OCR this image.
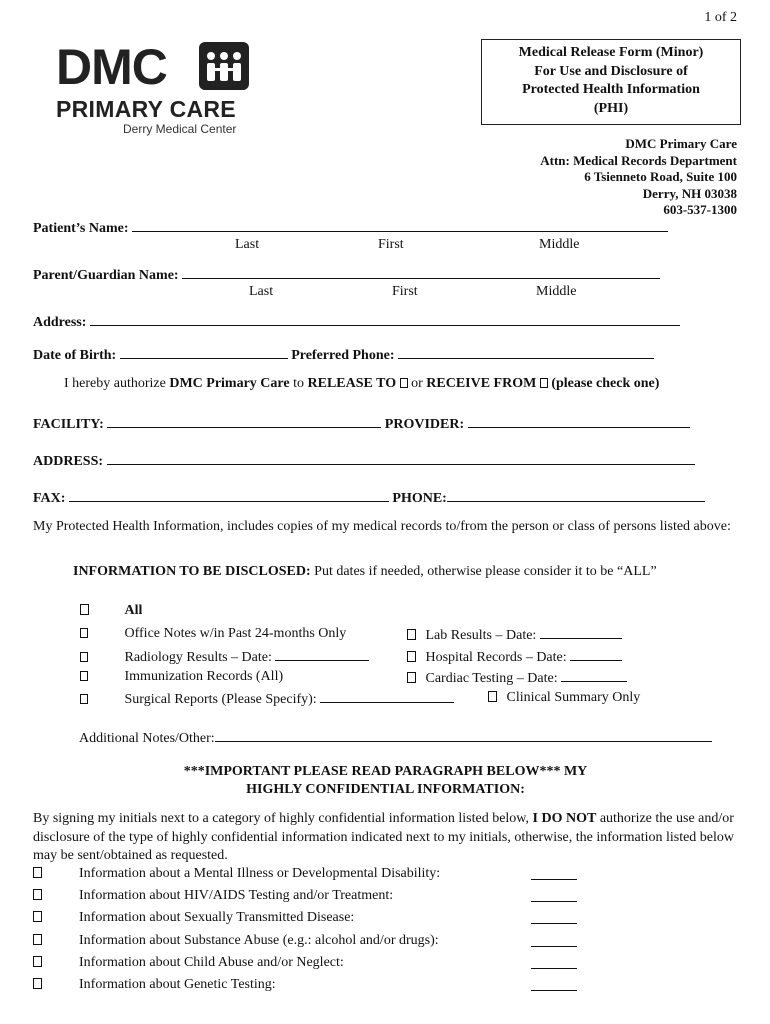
1 of 2
DMC
PRIMARY CARE
Derry Medical Center
Medical Release Form (Minor)
For Use and Disclosure of
Protected Health Information
(PHI)
DMC Primary Care
Attn: Medical Records Department
6 Tsienneto Road, Suite 100
Derry, NH 03038
603-537-1300
Patient’s Name:
Last	First	Middle
Parent/Guardian Name:
Last	First	Middle
Address:
Date of Birth:	Preferred Phone:
I hereby authorize DMC Primary Care to RELEASE TO  or RECEIVE FROM (please check one)
FACILITY:	PROVIDER:
ADDRESS:
FAX:	PHONE:
My Protected Health Information, includes copies of my medical records to/from the person or class of persons listed above:
INFORMATION TO BE DISCLOSED: Put dates if needed, otherwise please consider it to be “ALL”
All
Office Notes w/in Past 24-months Only	Lab Results – Date:
Radiology Results – Date:	Hospital Records – Date:
Immunization Records (All)	Cardiac Testing – Date:
Surgical Reports (Please Specify):	Clinical Summary Only
Additional Notes/Other:
***IMPORTANT PLEASE READ PARAGRAPH BELOW*** MY
HIGHLY CONFIDENTIAL INFORMATION:
By signing my initials next to a category of highly confidential information listed below, I DO NOT authorize the use and/or disclosure of the type of highly confidential information indicated next to my initials, otherwise, the information listed below may be sent/obtained as requested.
Information about a Mental Illness or Developmental Disability:
Information about HIV/AIDS Testing and/or Treatment:
Information about Sexually Transmitted Disease:
Information about Substance Abuse (e.g.: alcohol and/or drugs):
Information about Child Abuse and/or Neglect:
Information about Genetic Testing:
